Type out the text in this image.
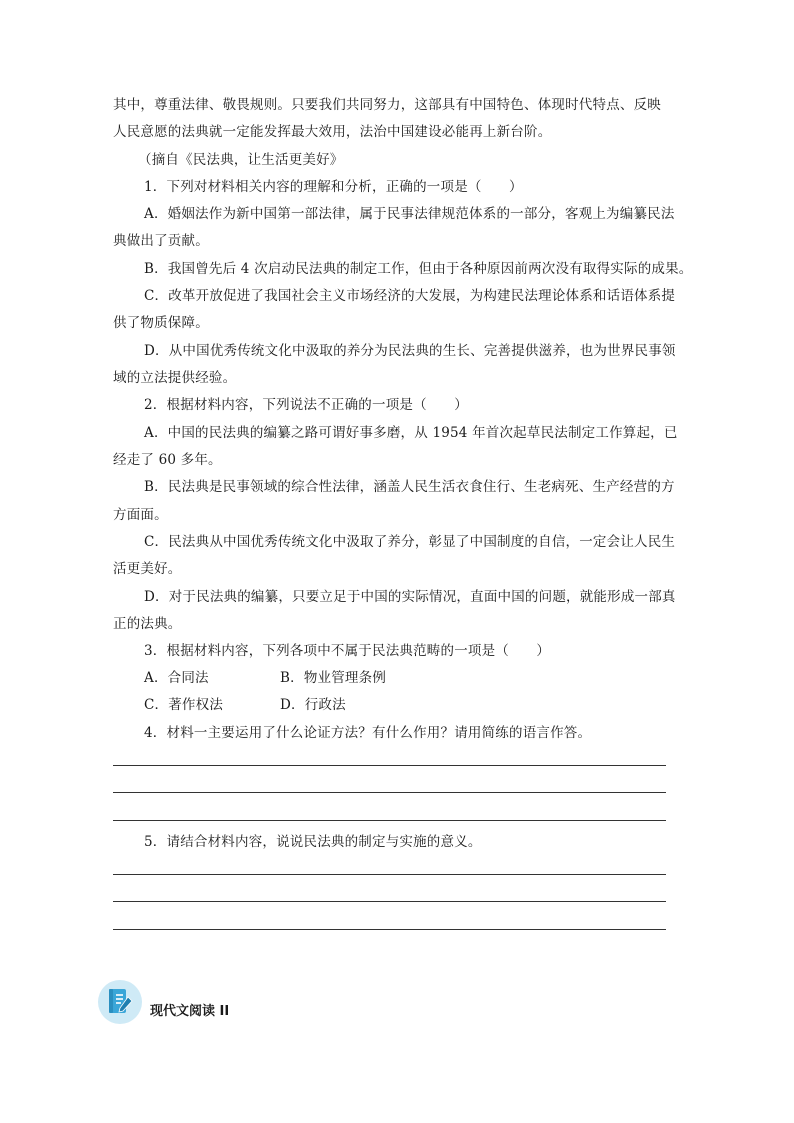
其中，尊重法律、敬畏规则。只要我们共同努力，这部具有中国特色、体现时代特点、反映
人民意愿的法典就一定能发挥最大效用，法治中国建设必能再上新台阶。
（摘自《民法典，让生活更美好》
1．下列对材料相关内容的理解和分析，正确的一项是（　　）
A．婚姻法作为新中国第一部法律，属于民事法律规范体系的一部分，客观上为编纂民法
典做出了贡献。
B．我国曾先后 4 次启动民法典的制定工作，但由于各种原因前两次没有取得实际的成果。
C．改革开放促进了我国社会主义市场经济的大发展，为构建民法理论体系和话语体系提
供了物质保障。
D．从中国优秀传统文化中汲取的养分为民法典的生长、完善提供滋养，也为世界民事领
域的立法提供经验。
2．根据材料内容，下列说法不正确的一项是（　　）
A．中国的民法典的编纂之路可谓好事多磨，从 1954 年首次起草民法制定工作算起，已
经走了 60 多年。
B．民法典是民事领域的综合性法律，涵盖人民生活衣食住行、生老病死、生产经营的方
方面面。
C．民法典从中国优秀传统文化中汲取了养分，彰显了中国制度的自信，一定会让人民生
活更美好。
D．对于民法典的编纂，只要立足于中国的实际情况，直面中国的问题，就能形成一部真
正的法典。
3．根据材料内容，下列各项中不属于民法典范畴的一项是（　　）
A．合同法	B．物业管理条例
C．著作权法	D．行政法
4．材料一主要运用了什么论证方法？有什么作用？请用简练的语言作答。
5．请结合材料内容，说说民法典的制定与实施的意义。
现代文阅读 II
